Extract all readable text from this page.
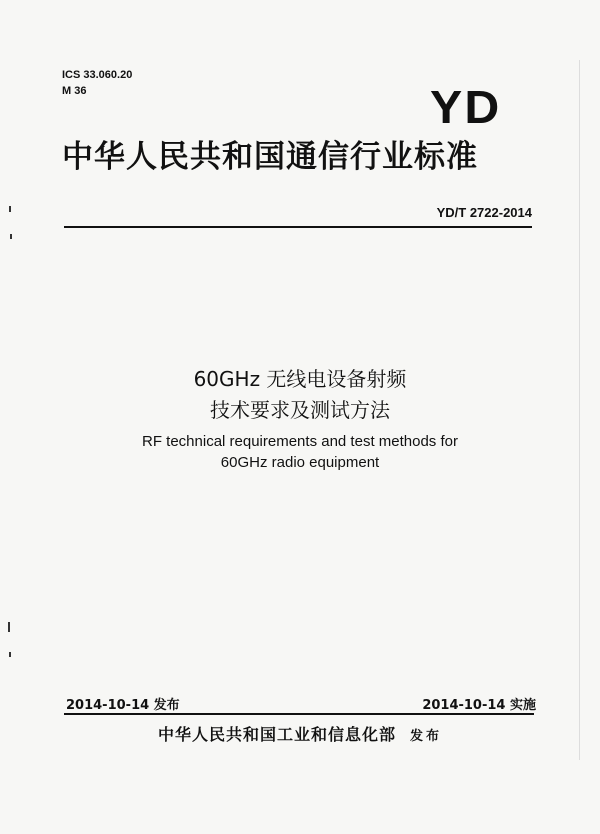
ICS 33.060.20
M 36	YD
中华人民共和国通信行业标准
YD/T 2722-2014
60GHz 无线电设备射频
技术要求及测试方法
RF technical requirements and test methods for
60GHz radio equipment
2014-10-14 发布	2014-10-14 实施
中华人民共和国工业和信息化部 发布
